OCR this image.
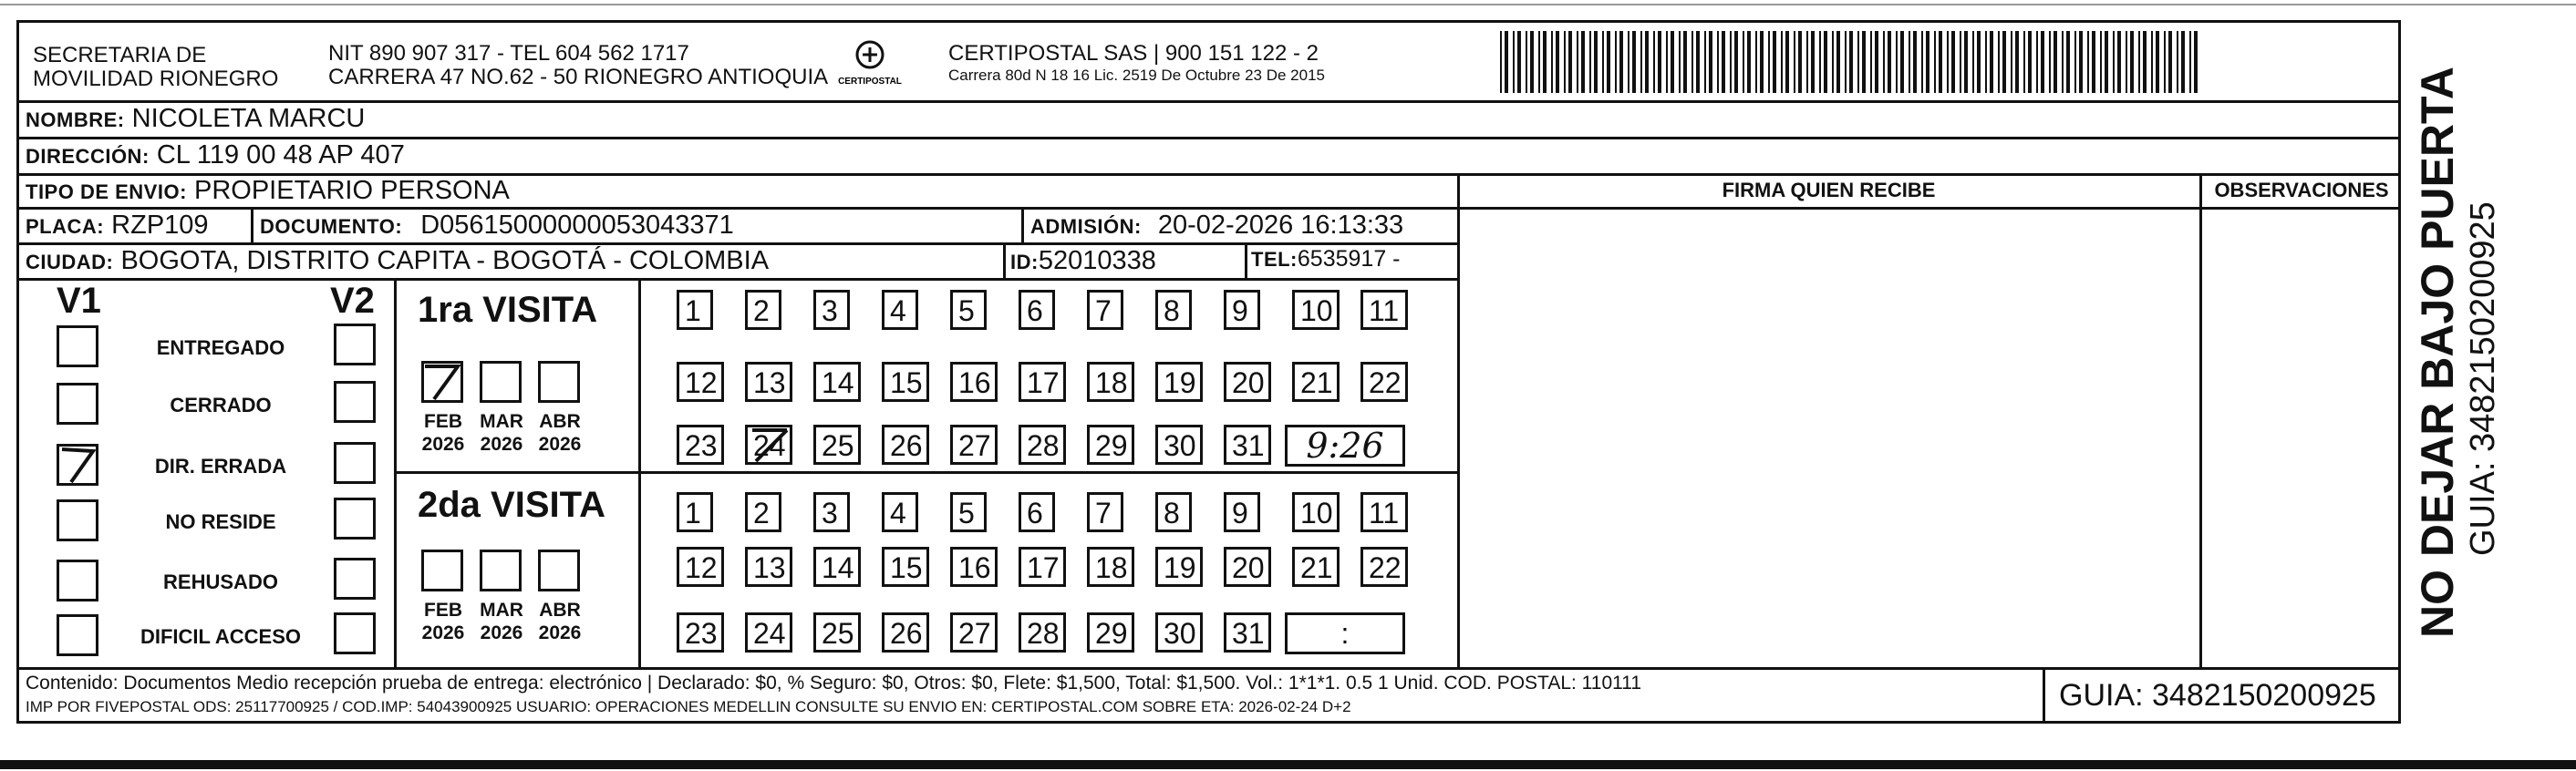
SECRETARIA DE
MOVILIDAD RIONEGRO
NIT 890 907 317 - TEL 604 562 1717
CARRERA 47 NO.62 - 50 RIONEGRO ANTIOQUIA CERTIPOSTAL
CERTIPOSTAL SAS | 900 151 122 - 2
Carrera 80d N 18 16 Lic. 2519 De Octubre 23 De 2015
NOMBRE: NICOLETA MARCU
DIRECCIÓN: CL 119 00 48 AP 407
TIPO DE ENVIO: PROPIETARIO PERSONA	FIRMA QUIEN RECIBE	OBSERVACIONES
PLACA: RZP109	DOCUMENTO: D05615000000053043371	ADMISIÓN: 20-02-2026 16:13:33
CIUDAD: BOGOTA, DISTRITO CAPITA - BOGOTÁ - COLOMBIA	ID:52010338	TEL:6535917 -
V1	V2
ENTREGADO
CERRADO
DIR. ERRADA
NO RESIDE
REHUSADO
DIFICIL ACCESO
1ra VISITA
FEB
2026
MAR
2026
ABR
2026
2da VISITA
FEB
2026
MAR
2026
ABR
2026
1	2	3	4	5	6	7	8	9	10 11
12 13 14 15 16 17 18 19 20 21 22
23 24 25 26 27 28 29 30 31	9:26
1	2	3	4	5	6	7	8	9	10 11
12 13 14 15 16 17 18 19 20 21 22
23 24 25 26 27 28 29 30 31	:
Contenido: Documentos Medio recepción prueba de entrega: electrónico | Declarado: $0, % Seguro: $0, Otros: $0, Flete: $1,500, Total: $1,500. Vol.: 1*1*1. 0.5 1 Unid. COD. POSTAL: 110111
IMP POR FIVEPOSTAL ODS: 25117700925 / COD.IMP: 54043900925 USUARIO: OPERACIONES MEDELLIN CONSULTE SU ENVIO EN: CERTIPOSTAL.COM SOBRE ETA: 2026-02-24 D+2	GUIA: 3482150200925
NO DEJAR BAJO PUERTA GUIA: 3482150200925
